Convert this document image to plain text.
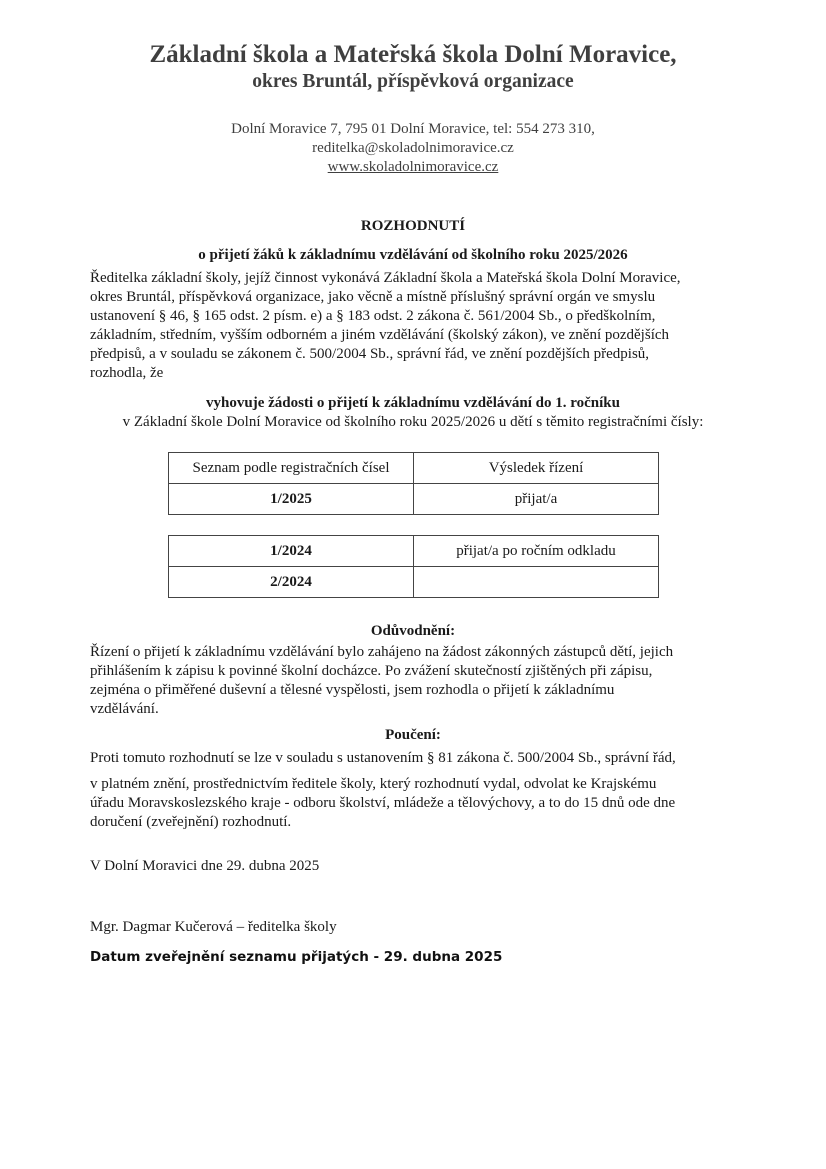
Základní škola a Mateřská škola Dolní Moravice,
okres Bruntál, příspěvková organizace
Dolní Moravice 7, 795 01 Dolní Moravice, tel: 554 273 310,
reditelka@skoladolnimoravice.cz
www.skoladolnimoravice.cz
ROZHODNUTÍ
o přijetí žáků k základnímu vzdělávání od školního roku 2025/2026
Ředitelka základní školy, jejíž činnost vykonává Základní škola a Mateřská škola Dolní Moravice,
okres Bruntál, příspěvková organizace, jako věcně a místně příslušný správní orgán ve smyslu
ustanovení § 46, § 165 odst. 2 písm. e) a § 183 odst. 2 zákona č. 561/2004 Sb., o předškolním,
základním, středním, vyšším odborném a jiném vzdělávání (školský zákon), ve znění pozdějších
předpisů, a v souladu se zákonem č. 500/2004 Sb., správní řád, ve znění pozdějších předpisů,
rozhodla, že
vyhovuje žádosti o přijetí k základnímu vzdělávání do 1. ročníku
v Základní škole Dolní Moravice od školního roku 2025/2026 u dětí s těmito registračními čísly:
Seznam podle registračních čísel	Výsledek řízení
1/2025	přijat/a
1/2024	přijat/a po ročním odkladu
2/2024	
Odůvodnění:
Řízení o přijetí k základnímu vzdělávání bylo zahájeno na žádost zákonných zástupců dětí, jejich
přihlášením k zápisu k povinné školní docházce. Po zvážení skutečností zjištěných při zápisu,
zejména o přiměřené duševní a tělesné vyspělosti, jsem rozhodla o přijetí k základnímu
vzdělávání.
Poučení:
Proti tomuto rozhodnutí se lze v souladu s ustanovením § 81 zákona č. 500/2004 Sb., správní řád,
v platném znění, prostřednictvím ředitele školy, který rozhodnutí vydal, odvolat ke Krajskému
úřadu Moravskoslezského kraje - odboru školství, mládeže a tělovýchovy, a to do 15 dnů ode dne
doručení (zveřejnění) rozhodnutí.
V Dolní Moravici dne 29. dubna 2025
Mgr. Dagmar Kučerová – ředitelka školy
Datum zveřejnění seznamu přijatých - 29. dubna 2025
